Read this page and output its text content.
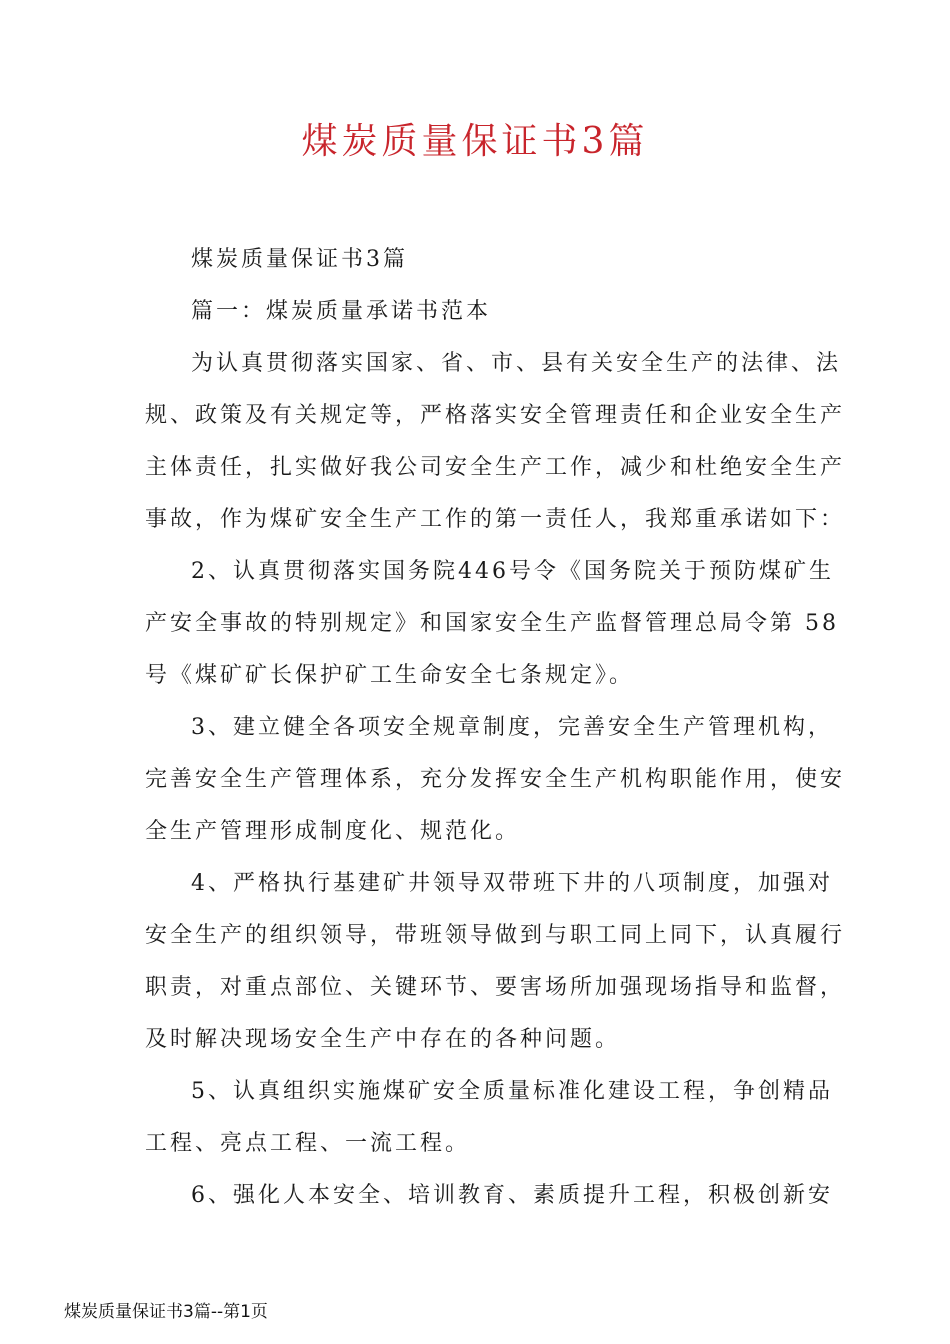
煤炭质量保证书3篇

煤炭质量保证书3篇

篇一：煤炭质量承诺书范本

为认真贯彻落实国家、省、市、县有关安全生产的法律、法

规、政策及有关规定等，严格落实安全管理责任和企业安全生产

主体责任，扎实做好我公司安全生产工作，减少和杜绝安全生产

事故，作为煤矿安全生产工作的第一责任人，我郑重承诺如下：

2、认真贯彻落实国务院446号令《国务院关于预防煤矿生

产安全事故的特别规定》和国家安全生产监督管理总局令第 58

号《煤矿矿长保护矿工生命安全七条规定》。

3、建立健全各项安全规章制度，完善安全生产管理机构，

完善安全生产管理体系，充分发挥安全生产机构职能作用，使安

全生产管理形成制度化、规范化。

4、严格执行基建矿井领导双带班下井的八项制度，加强对

安全生产的组织领导，带班领导做到与职工同上同下，认真履行

职责，对重点部位、关键环节、要害场所加强现场指导和监督，

及时解决现场安全生产中存在的各种问题。

5、认真组织实施煤矿安全质量标准化建设工程，争创精品

工程、亮点工程、一流工程。

6、强化人本安全、培训教育、素质提升工程，积极创新安

煤炭质量保证书3篇--第1页
